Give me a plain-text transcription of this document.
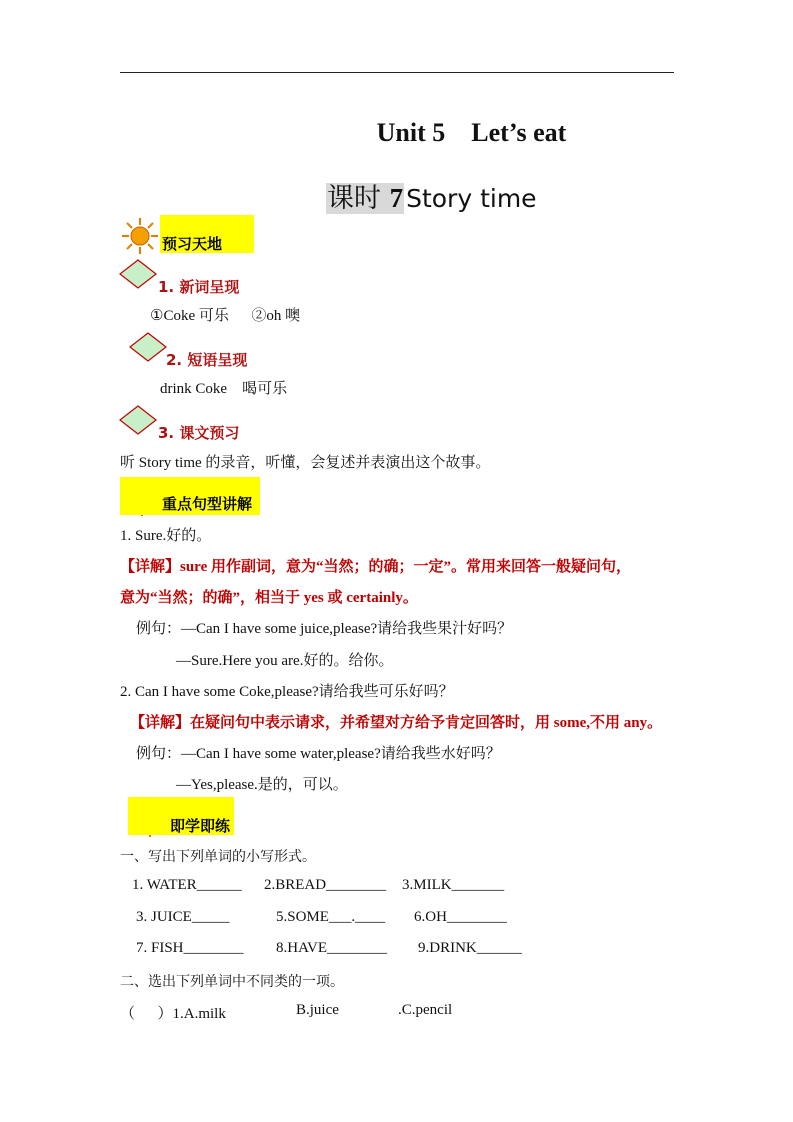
Unit 5    Let’s eat
课时 7 Story time
预习天地
1. 新词呈现
①Coke 可乐      ②oh 噢
2. 短语呈现
drink Coke    喝可乐
3. 课文预习
听 Story time 的录音，听懂，会复述并表演出这个故事。
重点句型讲解
1. Sure.好的。
【详解】sure 用作副词，意为“当然；的确；一定”。常用来回答一般疑问句，
意为“当然；的确”，相当于 yes 或 certainly。
例句：—Can I have some juice,please?请给我些果汁好吗？
—Sure.Here you are.好的。给你。
2. Can I have some Coke,please?请给我些可乐好吗？
【详解】在疑问句中表示请求，并希望对方给予肯定回答时，用 some,不用 any。
例句：—Can I have some water,please?请给我些水好吗？
—Yes,please.是的，可以。
即学即练
一、写出下列单词的小写形式。
1. WATER______ 2.BREAD________ 3.MILK_______
3. JUICE_____	5.SOME___.____ 6.OH________
7. FISH________ 8.HAVE________ 9.DRINK______
二、选出下列单词中不同类的一项。
（      ）1.A.milk	B.juice	.C.pencil
